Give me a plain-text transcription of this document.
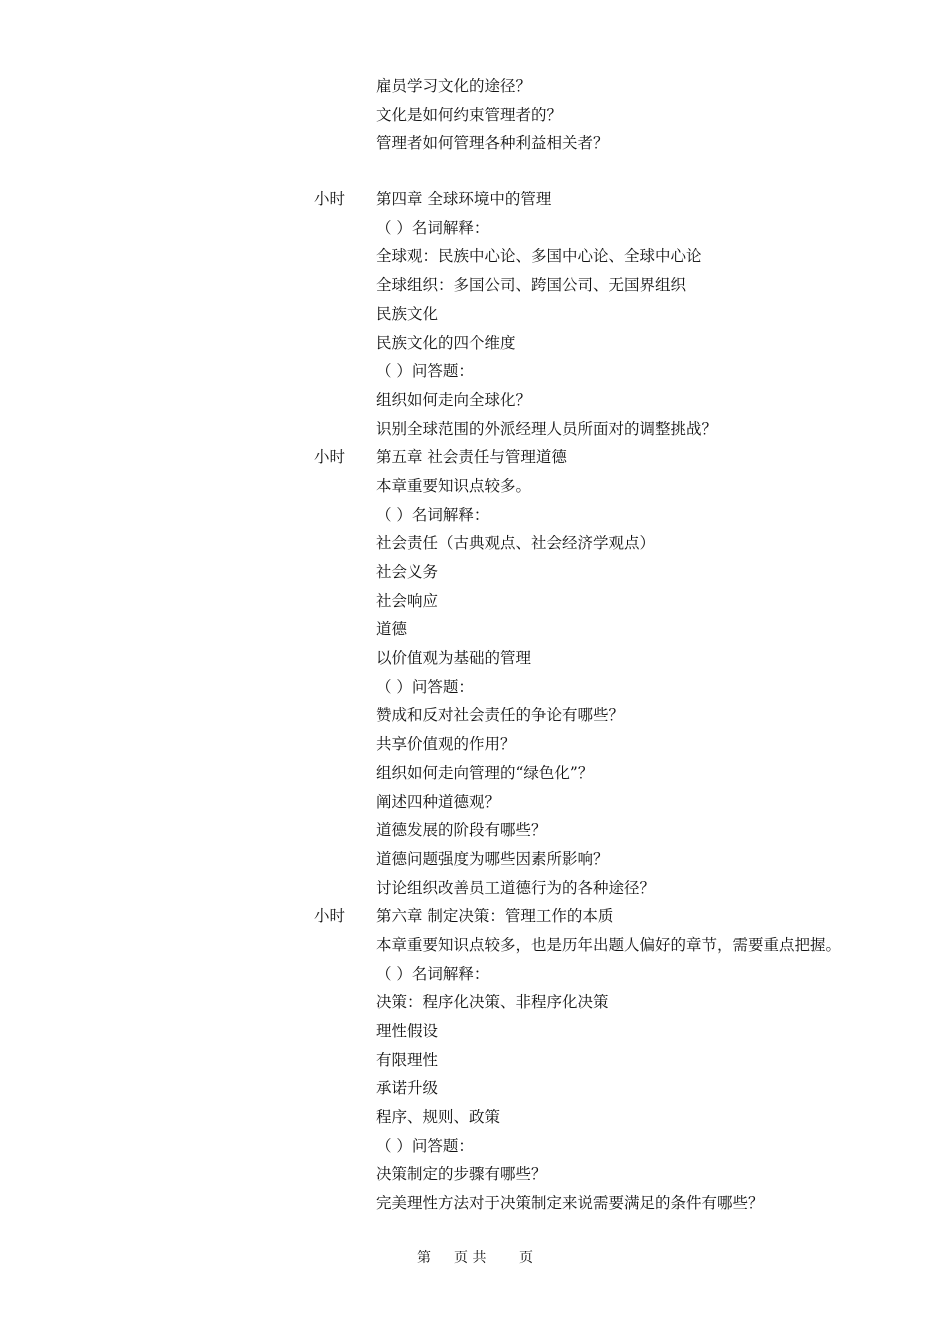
雇员学习文化的途径？
文化是如何约束管理者的？
管理者如何管理各种利益相关者？
小时 第四章 全球环境中的管理
（ ）名词解释：
全球观：民族中心论、多国中心论、全球中心论
全球组织：多国公司、跨国公司、无国界组织
民族文化
民族文化的四个维度
（ ）问答题：
组织如何走向全球化？
识别全球范围的外派经理人员所面对的调整挑战？
小时 第五章 社会责任与管理道德
本章重要知识点较多。
（ ）名词解释：
社会责任（古典观点、社会经济学观点）
社会义务
社会响应
道德
以价值观为基础的管理
（ ）问答题：
赞成和反对社会责任的争论有哪些？
共享价值观的作用？
组织如何走向管理的“绿色化”？
阐述四种道德观？
道德发展的阶段有哪些？
道德问题强度为哪些因素所影响？
讨论组织改善员工道德行为的各种途径？
小时 第六章 制定决策：管理工作的本质
本章重要知识点较多，也是历年出题人偏好的章节，需要重点把握。
（ ）名词解释：
决策：程序化决策、非程序化决策
理性假设
有限理性
承诺升级
程序、规则、政策
（ ）问答题：
决策制定的步骤有哪些？
完美理性方法对于决策制定来说需要满足的条件有哪些？
第 页 共 页
